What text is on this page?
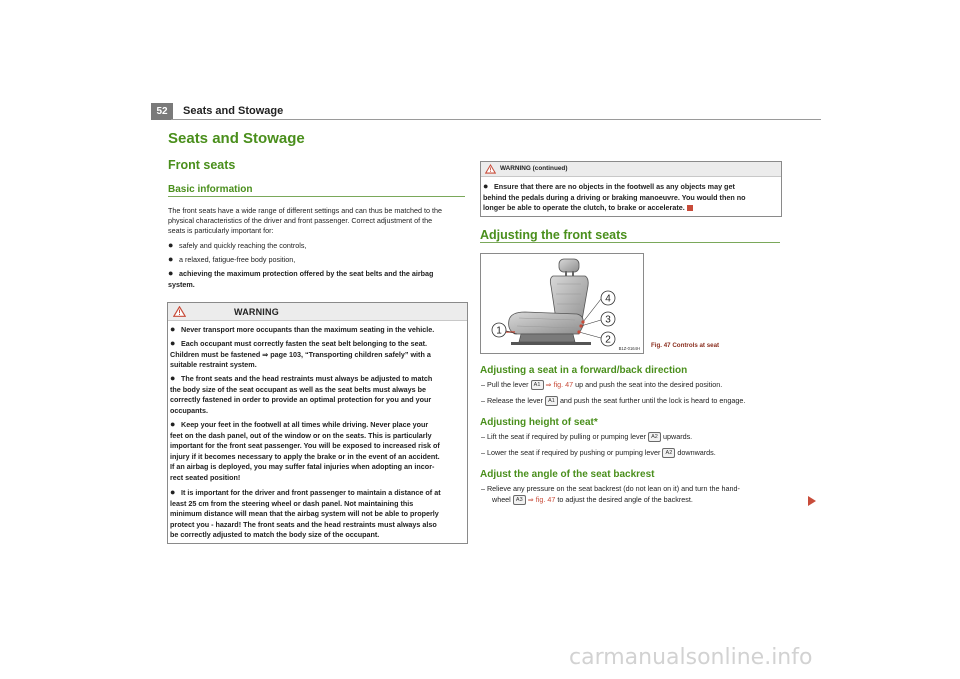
52	Seats and Stowage
Seats and Stowage
Front seats
Basic information
The front seats have a wide range of different settings and can thus be matched to the
physical characteristics of the driver and front passenger. Correct adjustment of the
seats is particularly important for:
● safely and quickly reaching the controls,
● a relaxed, fatigue-free body position,
● achieving the maximum protection offered by the seat belts and the airbag
system.
WARNING
● Never transport more occupants than the maximum seating in the vehicle.
● Each occupant must correctly fasten the seat belt belonging to the seat.
Children must be fastened ⇒ page 103, “Transporting children safely” with a
suitable restraint system.
● The front seats and the head restraints must always be adjusted to match
the body size of the seat occupant as well as the seat belts must always be
correctly fastened in order to provide an optimal protection for you and your
occupants.
● Keep your feet in the footwell at all times while driving. Never place your
feet on the dash panel, out of the window or on the seats. This is particularly
important for the front seat passenger. You will be exposed to increased risk of
injury if it becomes necessary to apply the brake or in the event of an accident.
If an airbag is deployed, you may suffer fatal injuries when adopting an incor-
rect seated position!
● It is important for the driver and front passenger to maintain a distance of at
least 25 cm from the steering wheel or dash panel. Not maintaining this
minimum distance will mean that the airbag system will not be able to properly
protect you - hazard! The front seats and the head restraints must always also
be correctly adjusted to match the body size of the occupant.
WARNING (continued)
● Ensure that there are no objects in the footwell as any objects may get
behind the pedals during a driving or braking manoeuvre. You would then no
longer be able to operate the clutch, to brake or accelerate.
Adjusting the front seats
1
2
3
4
B1Z-0164H Fig. 47 Controls at seat
Adjusting a seat in a forward/back direction
– Pull the lever A1 ⇒ fig. 47 up and push the seat into the desired position.
– Release the lever A1 and push the seat further until the lock is heard to engage.
Adjusting height of seat*
– Lift the seat if required by pulling or pumping lever A2 upwards.
– Lower the seat if required by pushing or pumping lever A2 downwards.
Adjust the angle of the seat backrest
– Relieve any pressure on the seat backrest (do not lean on it) and turn the hand-
wheel A3 ⇒ fig. 47 to adjust the desired angle of the backrest.
carmanualsonline.info
